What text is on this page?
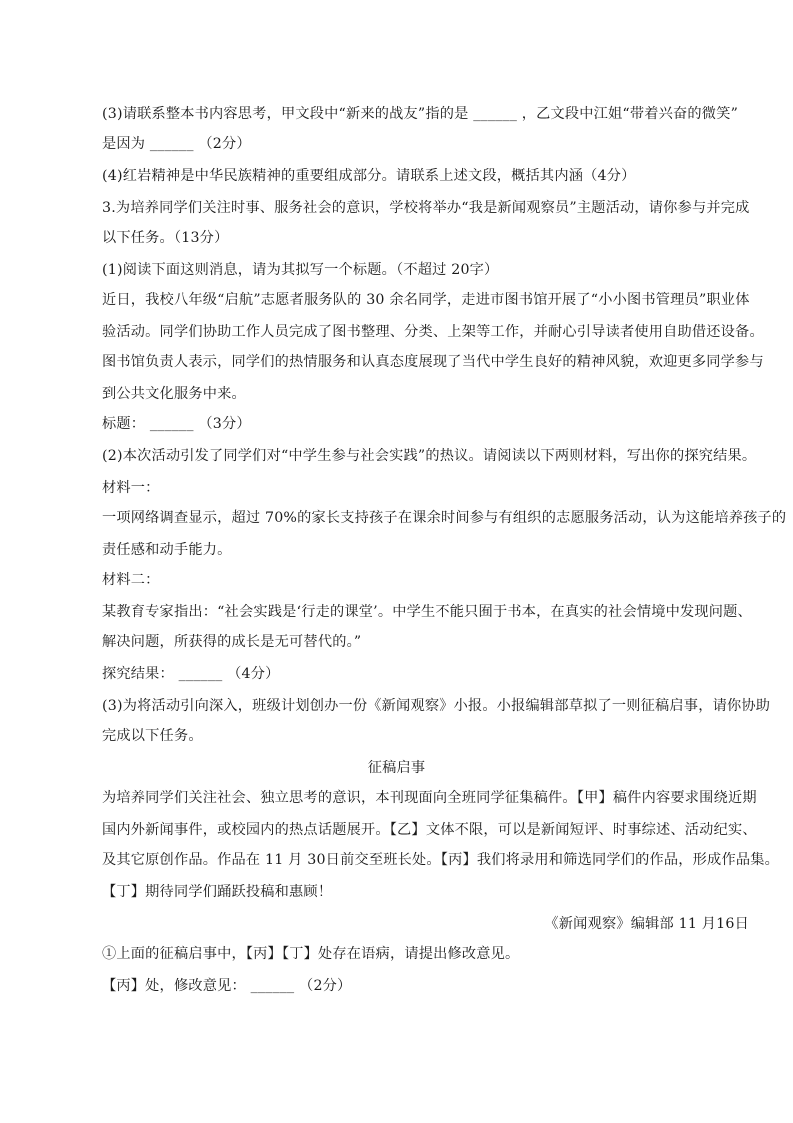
(3)请联系整本书内容思考，甲文段中“新来的战友”指的是 ______ ，乙文段中江姐“带着兴奋的微笑”
是因为 ______ （2分）
(4)红岩精神是中华民族精神的重要组成部分。请联系上述文段，概括其内涵（4分）
3.为培养同学们关注时事、服务社会的意识，学校将举办“我是新闻观察员”主题活动，请你参与并完成
以下任务。（13分）
(1)阅读下面这则消息，请为其拟写一个标题。（不超过 20字）
近日，我校八年级“启航”志愿者服务队的 30 余名同学，走进市图书馆开展了“小小图书管理员”职业体
验活动。同学们协助工作人员完成了图书整理、分类、上架等工作，并耐心引导读者使用自助借还设备。
图书馆负责人表示，同学们的热情服务和认真态度展现了当代中学生良好的精神风貌，欢迎更多同学参与
到公共文化服务中来。
标题： ______ （3分）
(2)本次活动引发了同学们对“中学生参与社会实践”的热议。请阅读以下两则材料，写出你的探究结果。
材料一：
一项网络调查显示，超过 70%的家长支持孩子在课余时间参与有组织的志愿服务活动，认为这能培养孩子的
责任感和动手能力。
材料二：
某教育专家指出：“社会实践是‘行走的课堂’。中学生不能只囿于书本，在真实的社会情境中发现问题、
解决问题，所获得的成长是无可替代的。”
探究结果： ______ （4分）
(3)为将活动引向深入，班级计划创办一份《新闻观察》小报。小报编辑部草拟了一则征稿启事，请你协助
完成以下任务。
征稿启事
为培养同学们关注社会、独立思考的意识，本刊现面向全班同学征集稿件。【甲】稿件内容要求围绕近期
国内外新闻事件，或校园内的热点话题展开。【乙】文体不限，可以是新闻短评、时事综述、活动纪实、
及其它原创作品。作品在 11 月 30日前交至班长处。【丙】我们将录用和筛选同学们的作品，形成作品集。
【丁】期待同学们踊跃投稿和惠顾！
《新闻观察》编辑部 11 月16日
①上面的征稿启事中，【丙】【丁】处存在语病，请提出修改意见。
【丙】处，修改意见： ______ （2分）
